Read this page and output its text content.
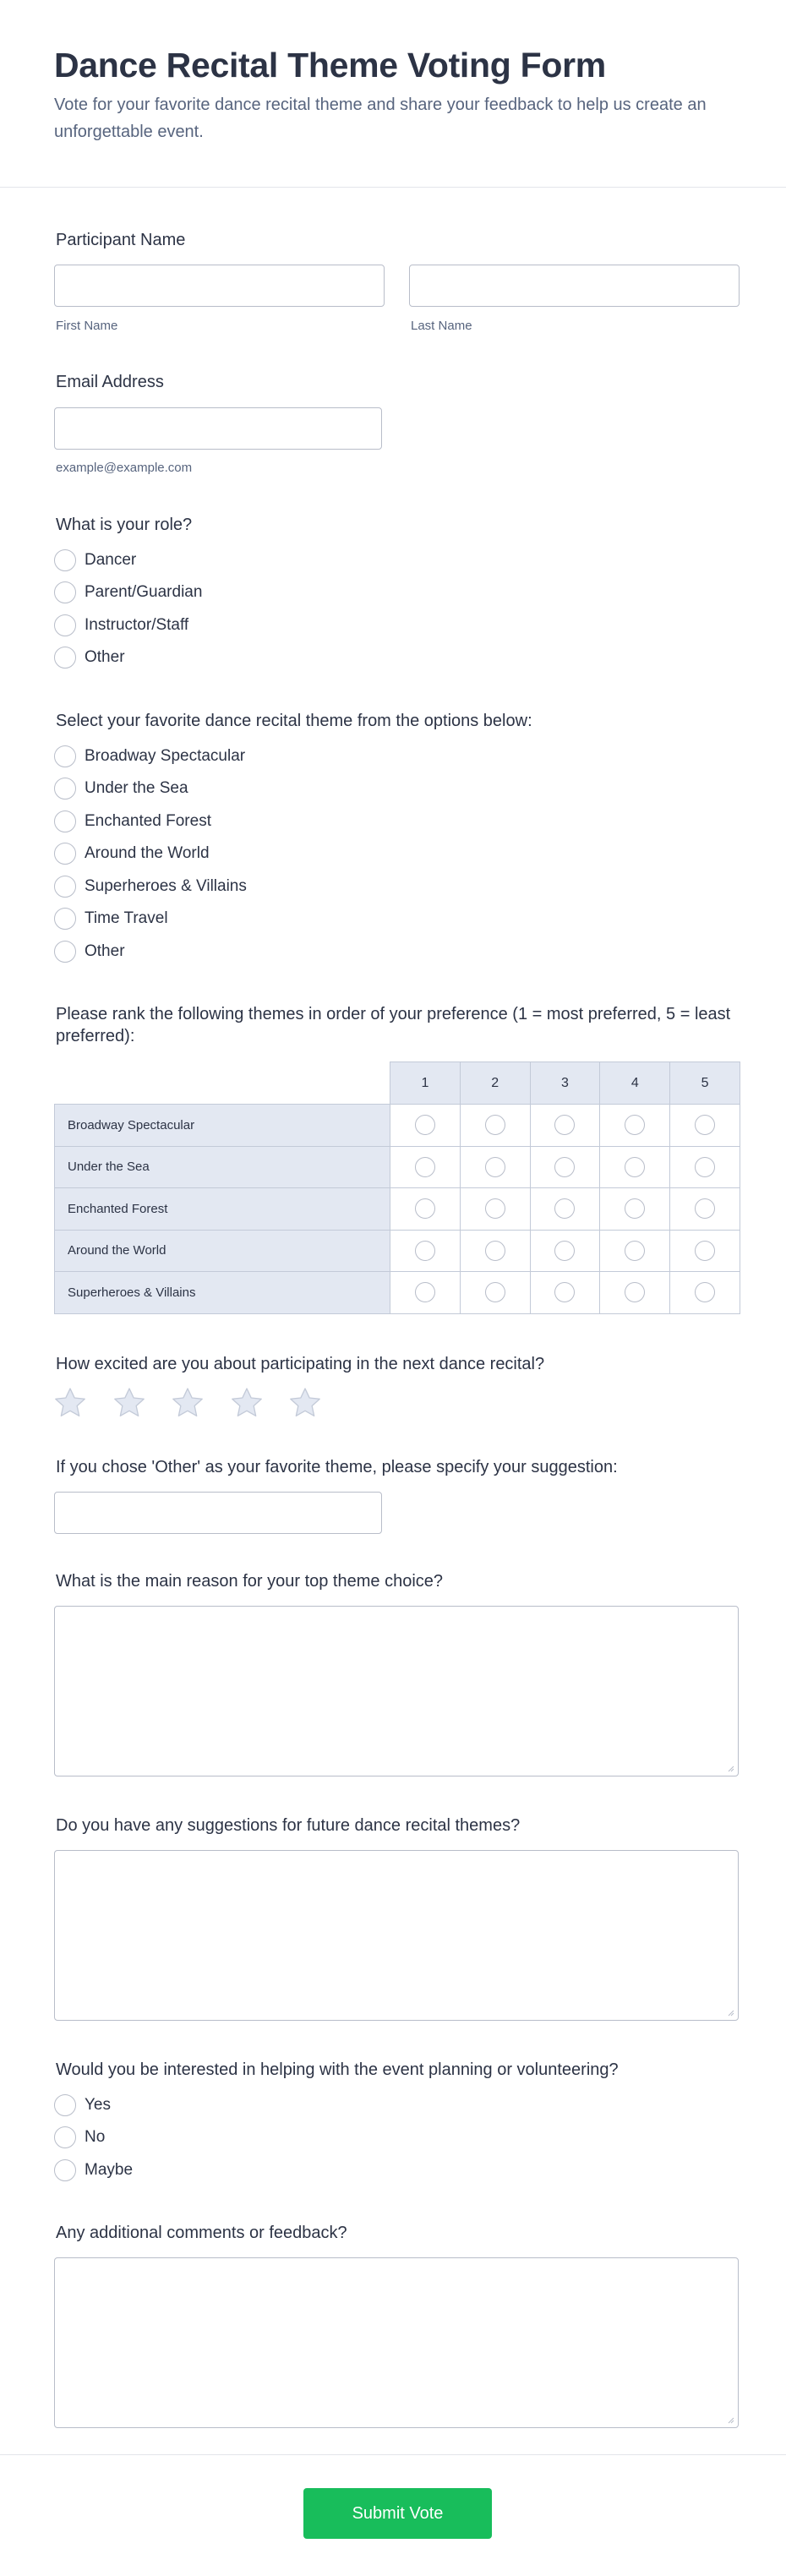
Dance Recital Theme Voting Form
Vote for your favorite dance recital theme and share your feedback to help us create an unforgettable event.
Participant Name
First Name	Last Name
Email Address
example@example.com
What is your role?
Dancer
Parent/Guardian
Instructor/Staff
Other
Select your favorite dance recital theme from the options below:
Broadway Spectacular
Under the Sea
Enchanted Forest
Around the World
Superheroes & Villains
Time Travel
Other
Please rank the following themes in order of your preference (1 = most preferred, 5 = least preferred):
1	2	3	4	5
Broadway Spectacular
Under the Sea
Enchanted Forest
Around the World
Superheroes & Villains
How excited are you about participating in the next dance recital?
If you chose 'Other' as your favorite theme, please specify your suggestion:
What is the main reason for your top theme choice?
Do you have any suggestions for future dance recital themes?
Would you be interested in helping with the event planning or volunteering?
Yes
No
Maybe
Any additional comments or feedback?
Submit Vote
